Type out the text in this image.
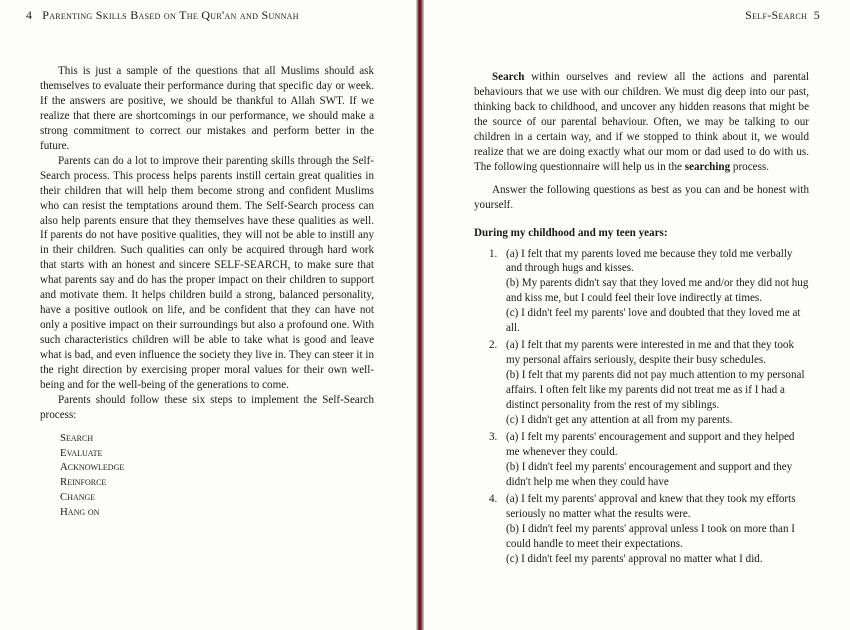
4 Parenting Skills Based on The Qur'an and Sunnah

This is just a sample of the questions that all Muslims should ask themselves to evaluate their performance during that specific day or week. If the answers are positive, we should be thankful to Allah SWT. If we realize that there are shortcomings in our performance, we should make a strong commitment to correct our mistakes and perform better in the future.

Parents can do a lot to improve their parenting skills through the Self-Search process. This process helps parents instill certain great qualities in their children that will help them become strong and confident Muslims who can resist the temptations around them. The Self-Search process can also help parents ensure that they themselves have these qualities as well. If parents do not have positive qualities, they will not be able to instill any in their children. Such qualities can only be acquired through hard work that starts with an honest and sincere SELF-SEARCH, to make sure that what parents say and do has the proper impact on their children to support and motivate them. It helps children build a strong, balanced personality, have a positive outlook on life, and be confident that they can have not only a positive impact on their surroundings but also a profound one. With such characteristics children will be able to take what is good and leave what is bad, and even influence the society they live in. They can steer it in the right direction by exercising proper moral values for their own well-being and for the well-being of the generations to come.

Parents should follow these six steps to implement the Self-Search process:

Search
Evaluate
Acknowledge
Reinforce
Change
Hang on
Self-Search 5

Search within ourselves and review all the actions and parental behaviours that we use with our children. We must dig deep into our past, thinking back to childhood, and uncover any hidden reasons that might be the source of our parental behaviour. Often, we may be talking to our children in a certain way, and if we stopped to think about it, we would realize that we are doing exactly what our mom or dad used to do with us. The following questionnaire will help us in the searching process.

Answer the following questions as best as you can and be honest with yourself.

During my childhood and my teen years:
1. (a) I felt that my parents loved me because they told me verbally and through hugs and kisses.
(b) My parents didn't say that they loved me and/or they did not hug and kiss me, but I could feel their love indirectly at times.
(c) I didn't feel my parents' love and doubted that they loved me at all.
2. (a) I felt that my parents were interested in me and that they took my personal affairs seriously, despite their busy schedules.
(b) I felt that my parents did not pay much attention to my personal affairs. I often felt like my parents did not treat me as if I had a distinct personality from the rest of my siblings.
(c) I didn't get any attention at all from my parents.
3. (a) I felt my parents' encouragement and support and they helped me whenever they could.
(b) I didn't feel my parents' encouragement and support and they didn't help me when they could have
4. (a) I felt my parents' approval and knew that they took my efforts seriously no matter what the results were.
(b) I didn't feel my parents' approval unless I took on more than I could handle to meet their expectations.
(c) I didn't feel my parents' approval no matter what I did.
